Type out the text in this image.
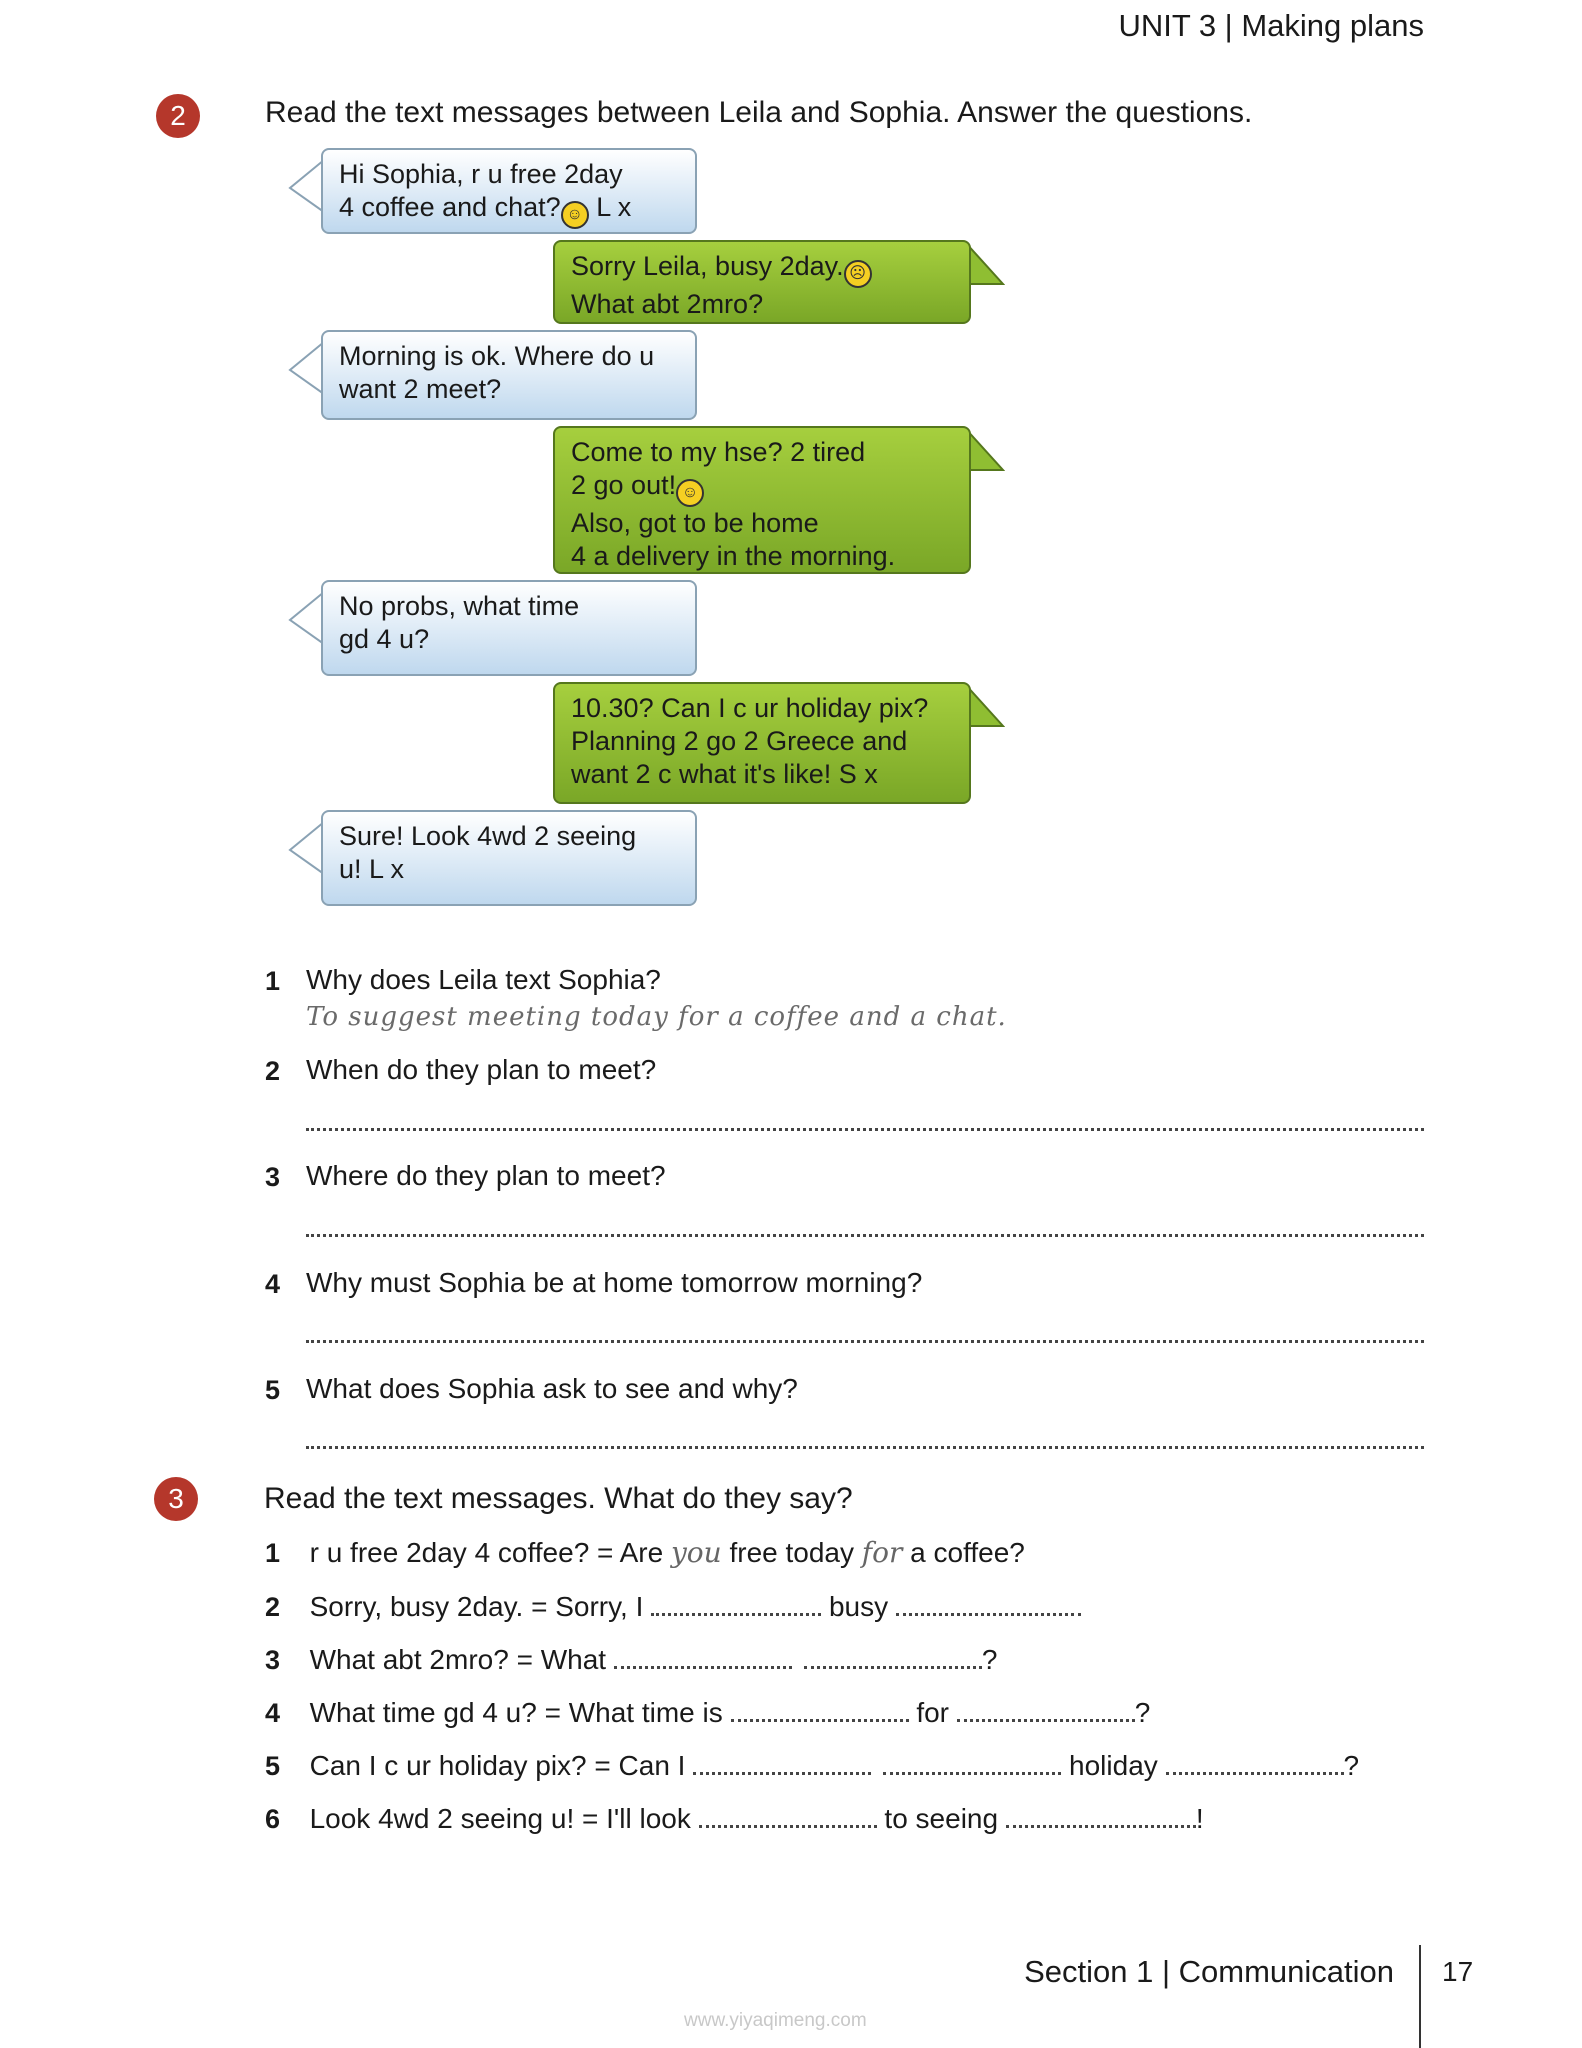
UNIT 3 | Making plans
2	Read the text messages between Leila and Sophia. Answer the questions.
Hi Sophia, r u free 2day
4 coffee and chat? ☺ L x
Sorry Leila, busy 2day. ☹
What abt 2mro?
Morning is ok. Where do u
want 2 meet?
Come to my hse? 2 tired
2 go out! ☺
Also, got to be home
4 a delivery in the morning.
No probs, what time
gd 4 u?
10.30? Can I c ur holiday pix?
Planning 2 go 2 Greece and
want 2 c what it's like! S x
Sure! Look 4wd 2 seeing
u! L x
1 Why does Leila text Sophia?
To suggest meeting today for a coffee and a chat.
2 When do they plan to meet?
3 Where do they plan to meet?
4 Why must Sophia be at home tomorrow morning?
5 What does Sophia ask to see and why?
3	Read the text messages. What do they say?
1 r u free 2day 4 coffee? = Are you free today for a coffee?
2 Sorry, busy 2day. = Sorry, I	busy
3 What abt 2mro? = What	?
4 What time gd 4 u? = What time is	for	?
5 Can I c ur holiday pix? = Can I	holiday	?
6 Look 4wd 2 seeing u! = I'll look	to seeing	!
Section 1 | Communication 17
www.yiyaqimeng.com
